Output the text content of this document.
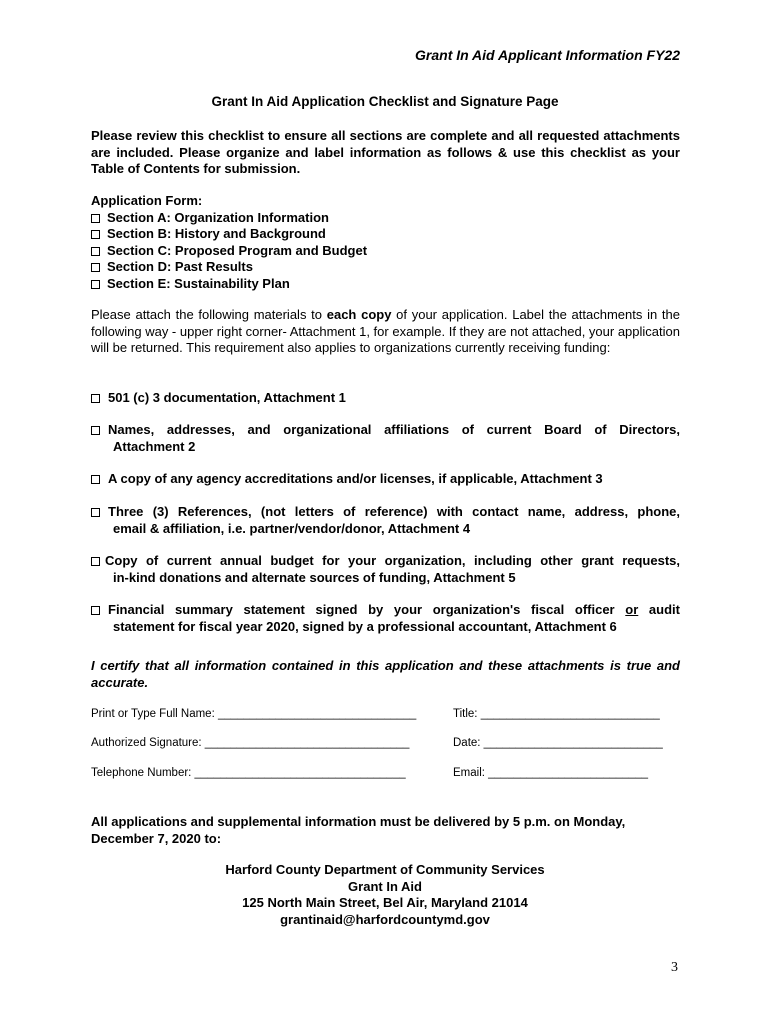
Grant In Aid Applicant Information FY22
Grant In Aid Application Checklist and Signature Page
Please review this checklist to ensure all sections are complete and all requested attachments are included. Please organize and label information as follows & use this checklist as your Table of Contents for submission.
Application Form:
Section A: Organization Information
Section B: History and Background
Section C: Proposed Program and Budget
Section D: Past Results
Section E: Sustainability Plan
Please attach the following materials to each copy of your application. Label the attachments in the following way - upper right corner- Attachment 1, for example. If they are not attached, your application will be returned. This requirement also applies to organizations currently receiving funding:
501 (c) 3 documentation, Attachment 1
Names, addresses, and organizational affiliations of current Board of Directors,
Attachment 2
A copy of any agency accreditations and/or licenses, if applicable, Attachment 3
Three (3) References, (not letters of reference) with contact name, address, phone,
email & affiliation, i.e. partner/vendor/donor, Attachment 4
Copy of current annual budget for your organization, including other grant requests,
in-kind donations and alternate sources of funding, Attachment 5
Financial summary statement signed by your organization's fiscal officer or audit
statement for fiscal year 2020, signed by a professional accountant, Attachment 6
I certify that all information contained in this application and these attachments is true and accurate.
Print or Type Full Name: _______________________________	Title: ____________________________
Authorized Signature: ________________________________	Date: ____________________________
Telephone Number: _________________________________	Email: _________________________
All applications and supplemental information must be delivered by 5 p.m. on Monday, December 7, 2020 to:
Harford County Department of Community Services
Grant In Aid
125 North Main Street, Bel Air, Maryland 21014
grantinaid@harfordcountymd.gov
3
